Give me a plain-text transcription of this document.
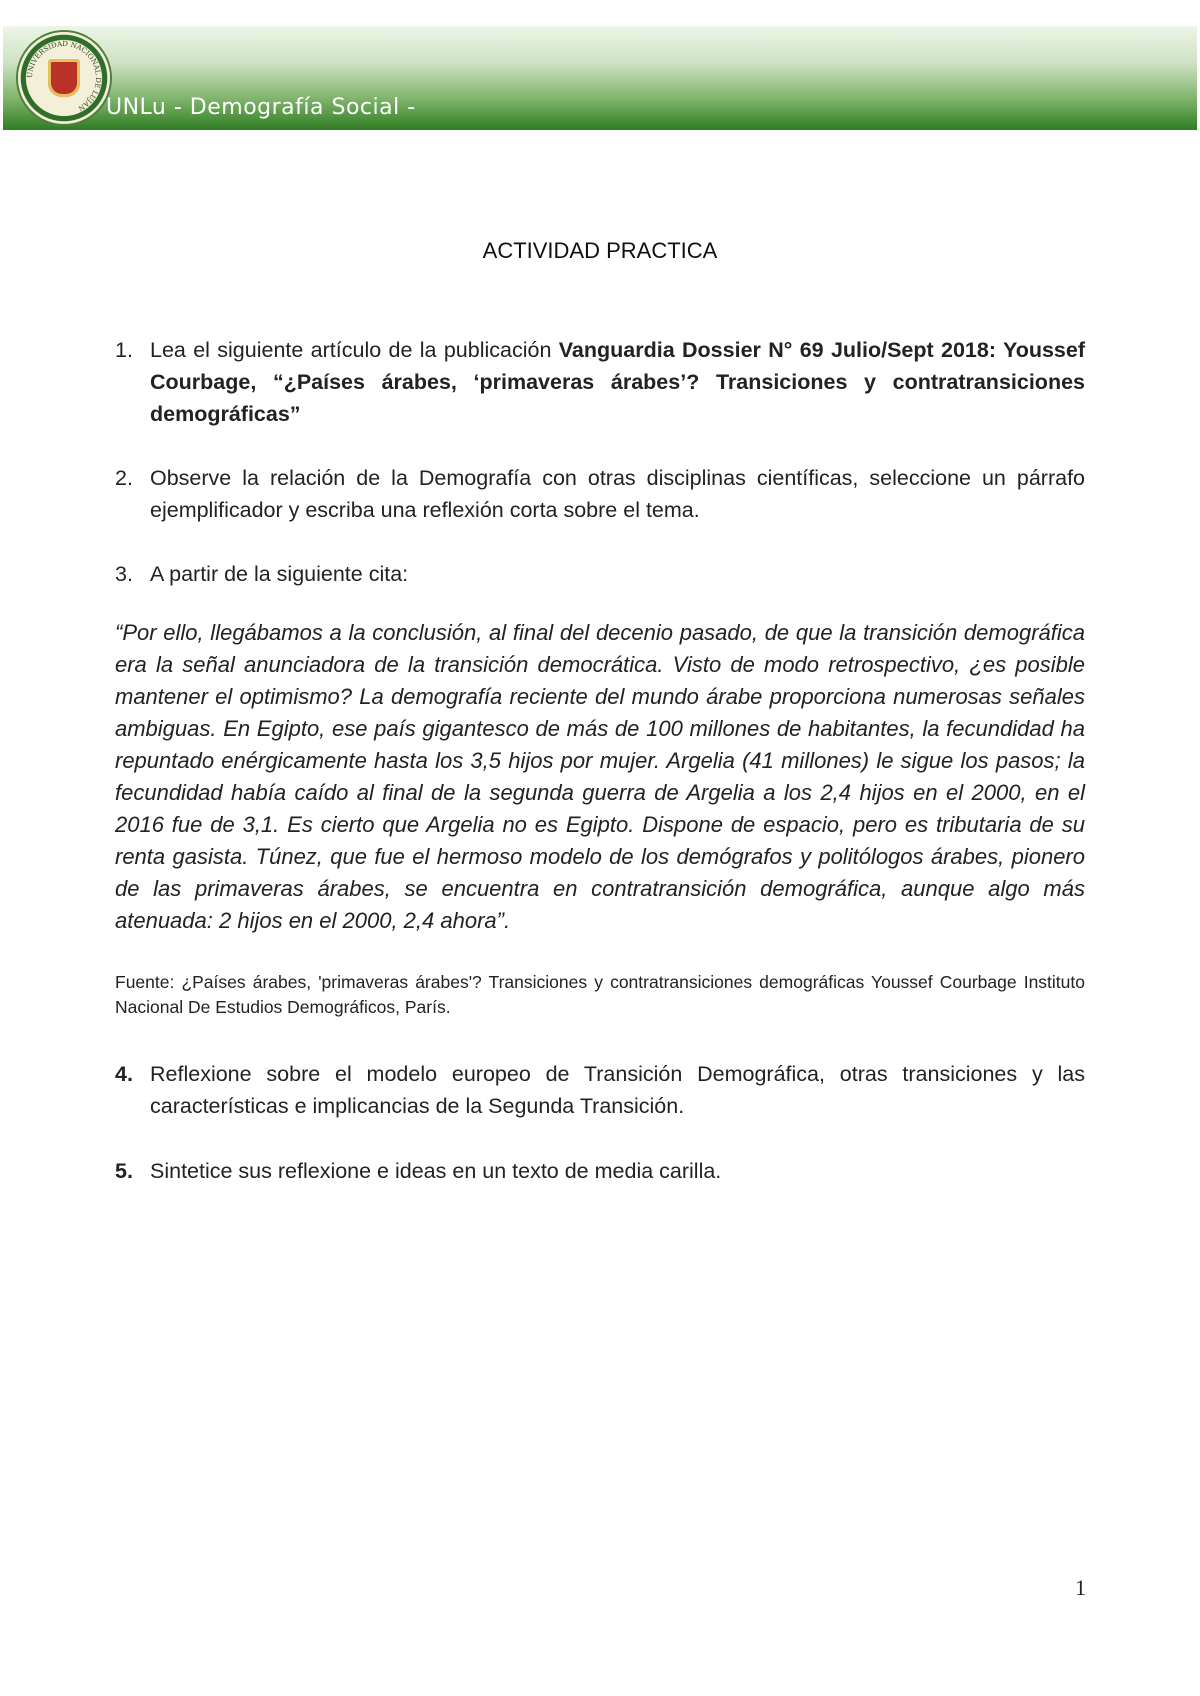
UNIVERSIDAD NACIONAL DE LUJAN UNLu - Demografía Social -
ACTIVIDAD PRACTICA
1. Lea el siguiente artículo de la publicación Vanguardia Dossier N° 69 Julio/Sept 2018: Youssef Courbage, “¿Países árabes, ‘primaveras árabes’? Transiciones y contratransiciones demográficas”
2. Observe la relación de la Demografía con otras disciplinas científicas, seleccione un párrafo ejemplificador y escriba una reflexión corta sobre el tema.
3. A partir de la siguiente cita:
“Por ello, llegábamos a la conclusión, al final del decenio pasado, de que la transición demográfica era la señal anunciadora de la transición democrática. Visto de modo retrospectivo, ¿es posible mantener el optimismo? La demografía reciente del mundo árabe proporciona numerosas señales ambiguas. En Egipto, ese país gigantesco de más de 100 millones de habitantes, la fecundidad ha repuntado enérgicamente hasta los 3,5 hijos por mujer. Argelia (41 millones) le sigue los pasos; la fecundidad había caído al final de la segunda guerra de Argelia a los 2,4 hijos en el 2000, en el 2016 fue de 3,1. Es cierto que Argelia no es Egipto. Dispone de espacio, pero es tributaria de su renta gasista. Túnez, que fue el hermoso modelo de los demógrafos y politólogos árabes, pionero de las primaveras árabes, se encuentra en contratransición demográfica, aunque algo más atenuada: 2 hijos en el 2000, 2,4 ahora”.
Fuente: ¿Países árabes, 'primaveras árabes'? Transiciones y contratransiciones demográficas Youssef Courbage Instituto Nacional De Estudios Demográficos, París.
4. Reflexione sobre el modelo europeo de Transición Demográfica, otras transiciones y las características e implicancias de la Segunda Transición.
5. Sintetice sus reflexione e ideas en un texto de media carilla.
1
